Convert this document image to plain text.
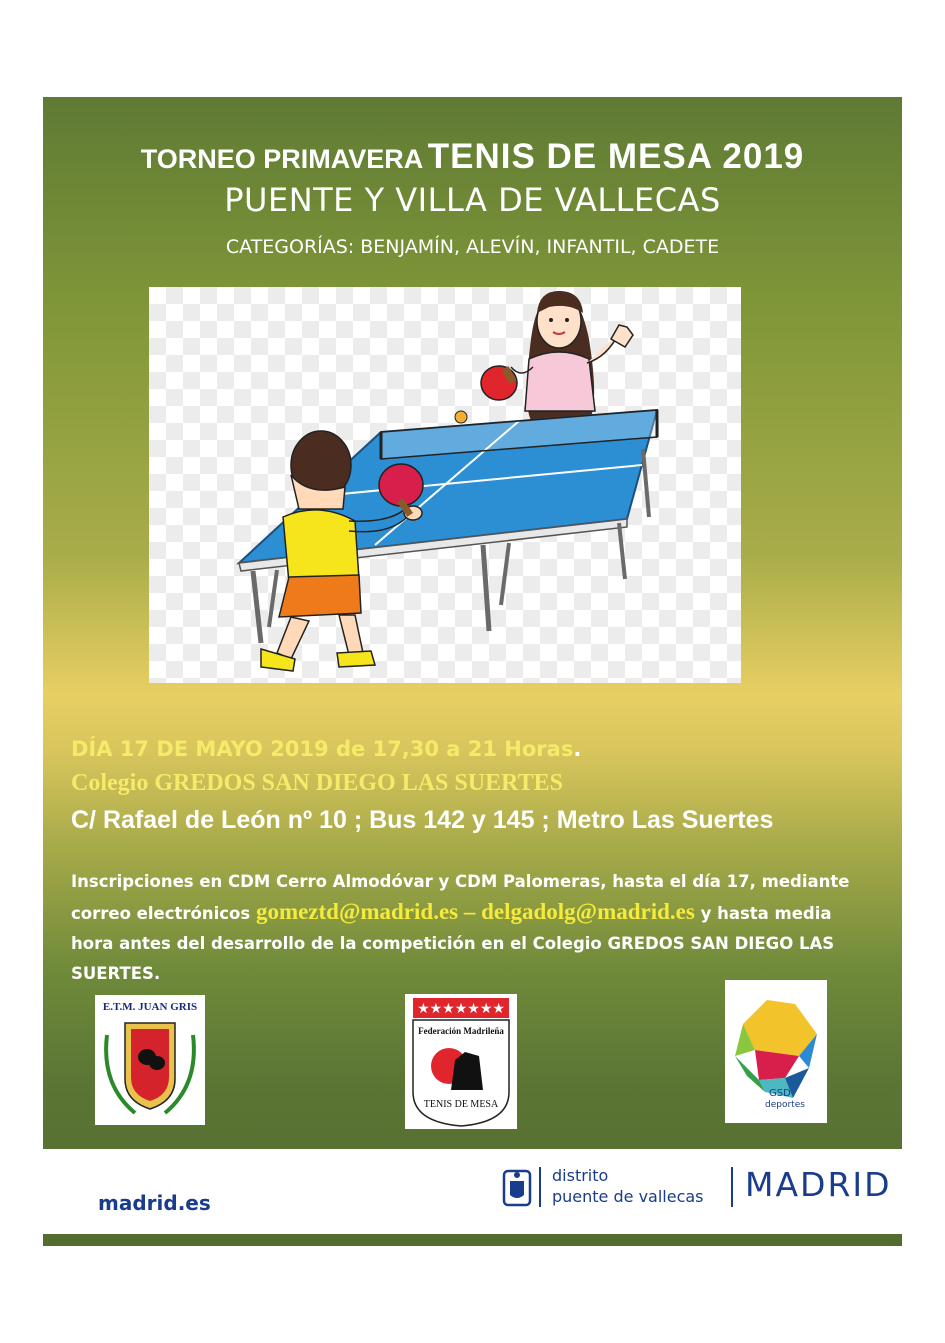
TORNEO PRIMAVERA TENIS DE MESA 2019
PUENTE Y VILLA DE VALLECAS
CATEGORÍAS: BENJAMÍN, ALEVÍN, INFANTIL, CADETE
DÍA 17 DE MAYO 2019 de 17,30 a 21 Horas.
Colegio GREDOS SAN DIEGO LAS SUERTES
C/ Rafael de León nº 10 ; Bus 142 y 145 ; Metro Las Suertes
Inscripciones en CDM Cerro Almodóvar y CDM Palomeras, hasta el día 17, mediante correo electrónicos gomeztd@madrid.es – delgadolg@madrid.es y hasta media hora antes del desarrollo de la competición en el Colegio GREDOS SAN DIEGO LAS SUERTES.
E.T.M. JUAN GRIS	★★★★★★★
Federación Madrileña
TENIS DE MESA
GSD
deportes
madrid.es
distrito
puente de vallecas MADRID
